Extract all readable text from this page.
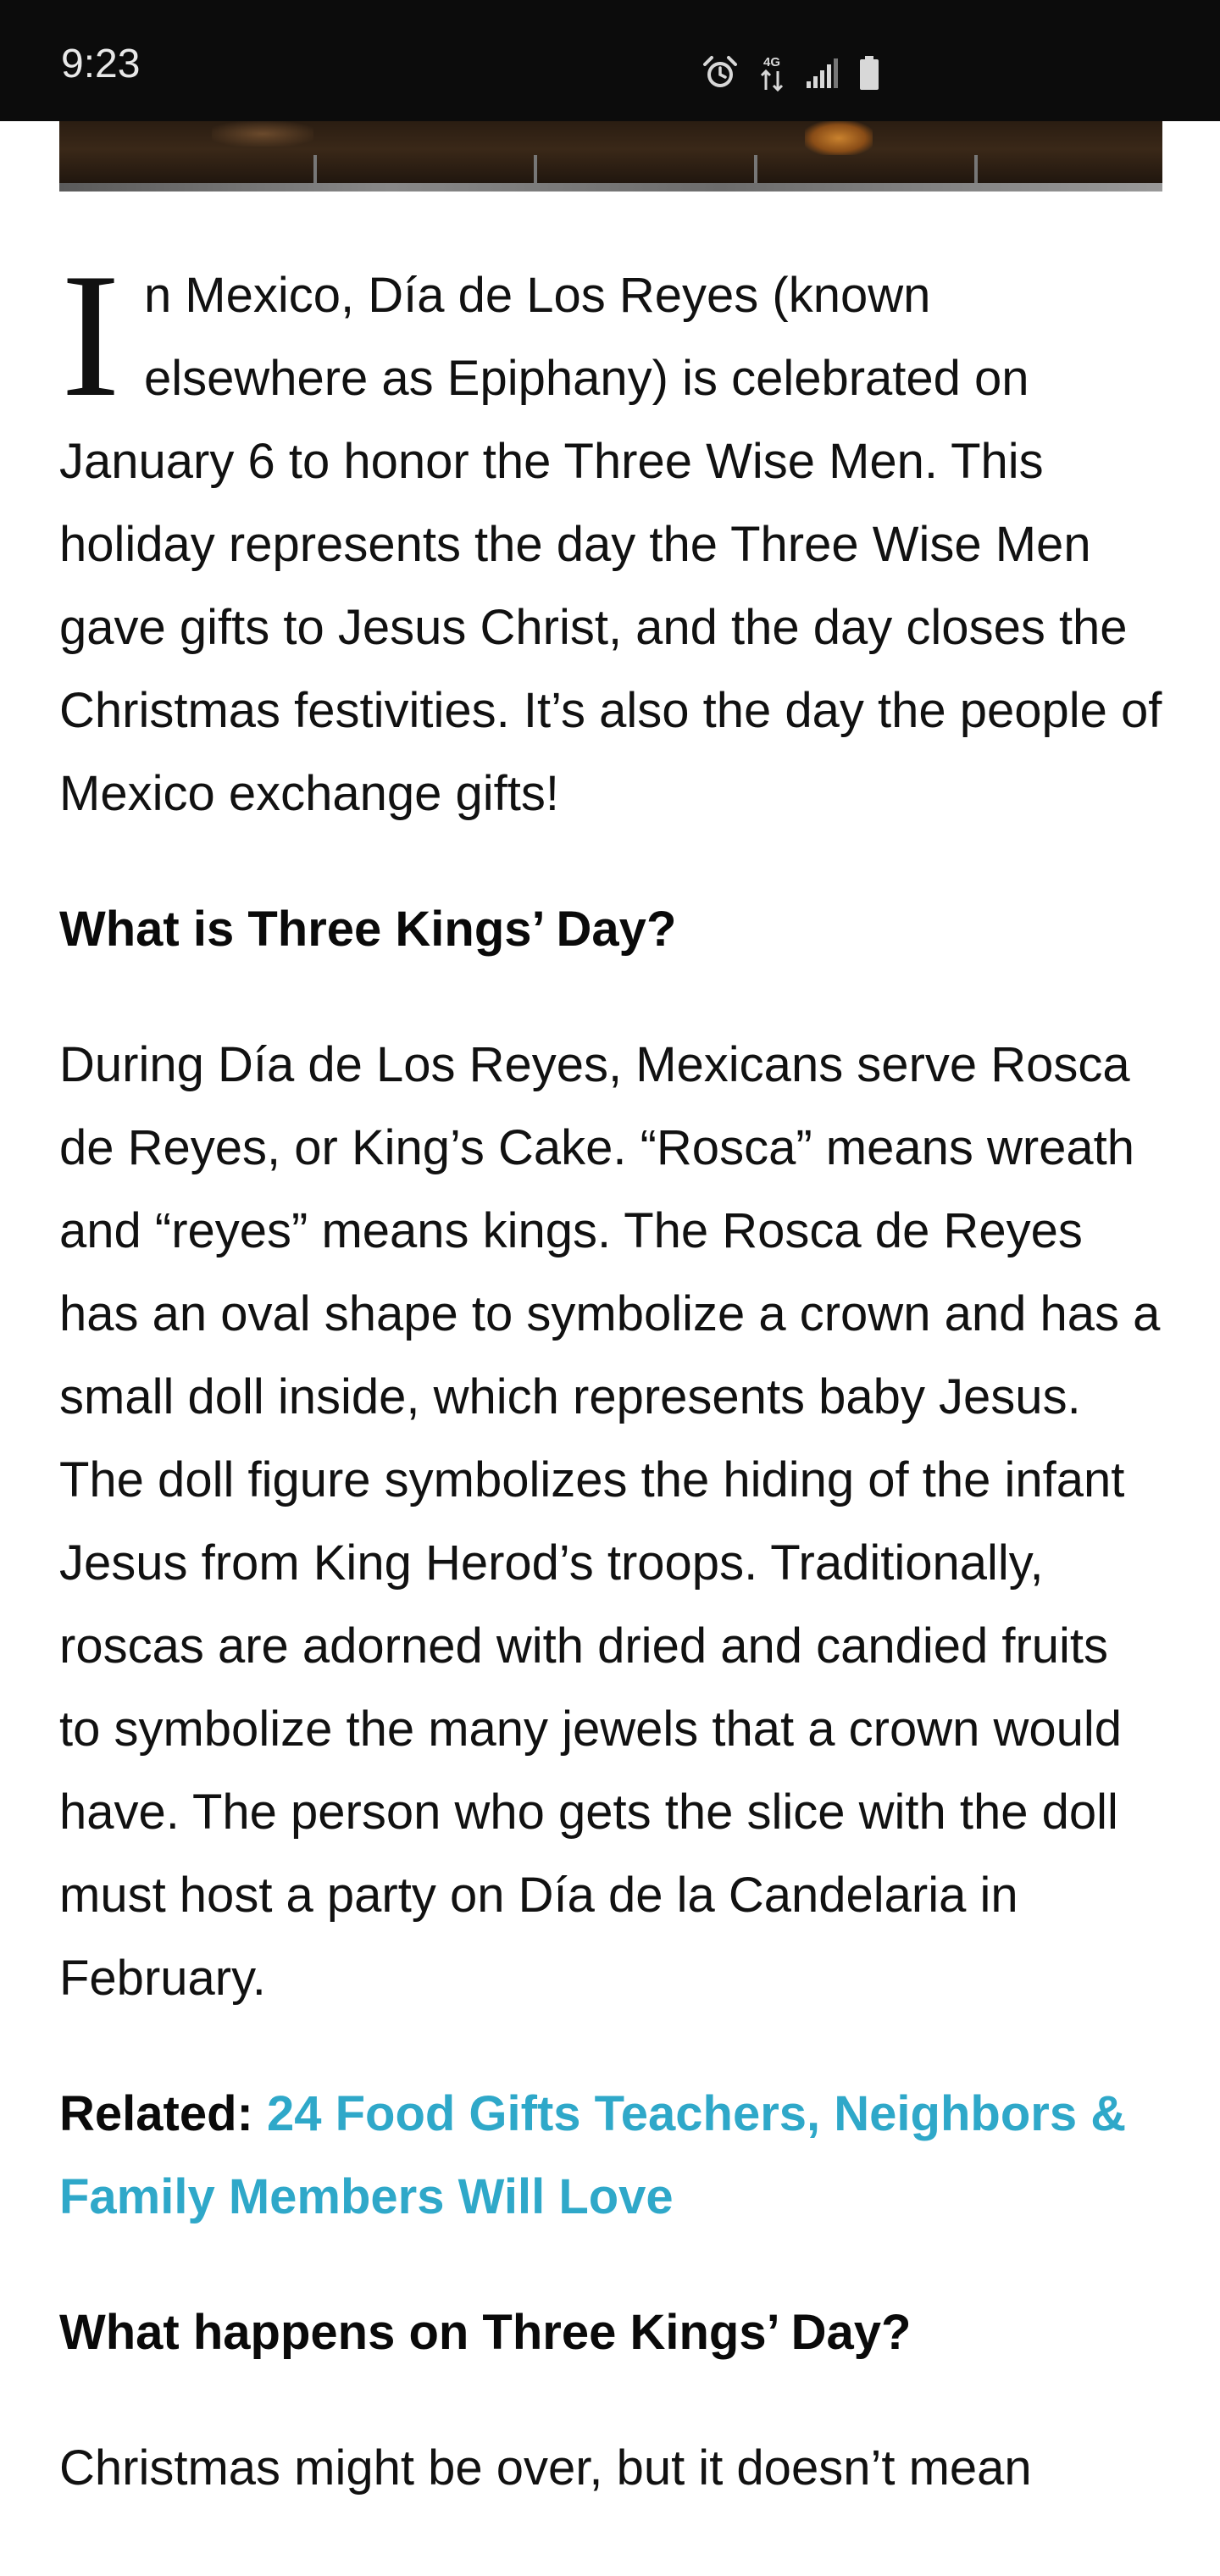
9:23	4G

In Mexico, Día de Los Reyes (known elsewhere as Epiphany) is celebrated on January 6 to honor the Three Wise Men. This holiday represents the day the Three Wise Men gave gifts to Jesus Christ, and the day closes the Christmas festivities. It’s also the day the people of Mexico exchange gifts!

What is Three Kings’ Day?

During Día de Los Reyes, Mexicans serve Rosca de Reyes, or King’s Cake. “Rosca” means wreath and “reyes” means kings. The Rosca de Reyes has an oval shape to symbolize a crown and has a small doll inside, which represents baby Jesus. The doll figure symbolizes the hiding of the infant Jesus from King Herod’s troops. Traditionally, roscas are adorned with dried and candied fruits to symbolize the many jewels that a crown would have. The person who gets the slice with the doll must host a party on Día de la Candelaria in February.

Related: 24 Food Gifts Teachers, Neighbors & Family Members Will Love

What happens on Three Kings’ Day?

Christmas might be over, but it doesn’t mean
